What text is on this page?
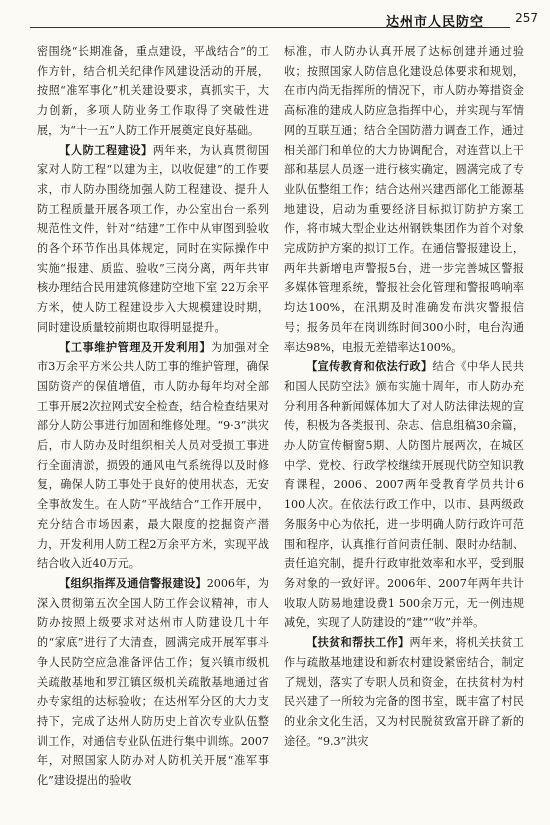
达州市人民防空	257

密围绕“长期准备，重点建设，平战结合”的工作方针，结合机关纪律作风建设活动的开展，按照“准军事化”机关建设要求，真抓实干，大力创新，多项人防业务工作取得了突破性进展，为“十一五”人防工作开展奠定良好基础。

【人防工程建设】两年来，为认真贯彻国家对人防工程“以建为主，以收促建”的工作要求，市人防办围绕加强人防工程建设、提升人防工程质量开展各项工作，办公室出台一系列规范性文件，针对“结建”工作中从审图到验收的各个环节作出具体规定，同时在实际操作中实施“报建、质监、验收”三岗分离，两年共审核办理结合民用建筑修建防空地下室 22万余平方米，使人防工程建设步入大规模建设时期，同时建设质量较前期也取得明显提升。

【工事维护管理及开发利用】为加强对全市3万余平方米公共人防工事的维护管理，确保国防资产的保值增值，市人防办每年均对全部工事开展2次拉网式安全检查，结合检查结果对部分人防公事进行加固和维修处理。“9·3”洪灾后，市人防办及时组织相关人员对受损工事进行全面清淤，损毁的通风电气系统得以及时修复，确保人防工事处于良好的使用状态，无安全事故发生。在人防“平战结合”工作开展中，充分结合市场因素，最大限度的挖掘资产潜力，开发利用人防工程2万余平方米，实现平战结合收入近40万元。

【组织指挥及通信警报建设】2006年，为深入贯彻第五次全国人防工作会议精神，市人防办按照上级要求对达州市人防建设几十年的“家底”进行了大清查，圆满完成开展军事斗争人民防空应急准备评估工作；复兴镇市级机关疏散基地和罗江镇区级机关疏散基地通过省办专家组的达标验收；在达州军分区的大力支持下，完成了达州人防历史上首次专业队伍整训工作，对通信专业队伍进行集中训练。2007年，对照国家人防办对人防机关开展“准军事化”建设提出的验收

标准，市人防办认真开展了达标创建并通过验收；按照国家人防信息化建设总体要求和规划，在市内尚无指挥所的情况下，市人防办筹措资金高标准的建成人防应急指挥中心，并实现与军情网的互联互通；结合全国防潜力调查工作，通过相关部门和单位的大力协调配合，对连营以上干部和基层人员逐一进行核实确定，圆满完成了专业队伍整组工作；结合达州兴建西部化工能源基地建设，启动为重要经济目标拟订防护方案工作，将市城大型企业达州钢铁集团作为首个对象完成防护方案的拟订工作。在通信警报建设上，两年共新增电声警报5台，进一步完善城区警报多媒体管理系统，警报社会化管理和警报鸣响率均达100%，在汛期及时准确发布洪灾警报信号；报务员年在岗训练时间300小时，电台沟通率达98%，电报无差错率达100%。

【宣传教育和依法行政】结合《中华人民共和国人民防空法》颁布实施十周年，市人防办充分利用各种新闻媒体加大了对人防法律法规的宣传，积极为各类报刊、杂志、信息组稿30余篇，办人防宣传橱窗5期、人防图片展两次，在城区中学、党校、行政学校继续开展现代防空知识教育课程，2006、2007两年受教育学员共计6 100人次。在依法行政工作中，以市、县两级政务服务中心为依托，进一步明确人防行政许可范围和程序，认真推行首问责任制、限时办结制、责任追究制，提升行政审批效率和水平，受到服务对象的一致好评。2006年、2007年两年共计收取人防易地建设费1 500余万元，无一例违规减免，实现了人防建设的“建”“收”并举。

【扶贫和帮扶工作】两年来，将机关扶贫工作与疏散基地建设和新农村建设紧密结合，制定了规划，落实了专职人员和资金，在扶贫村为村民兴建了一所较为完备的图书室，既丰富了村民的业余文化生活，又为村民脱贫致富开辟了新的途径。“9.3”洪灾
